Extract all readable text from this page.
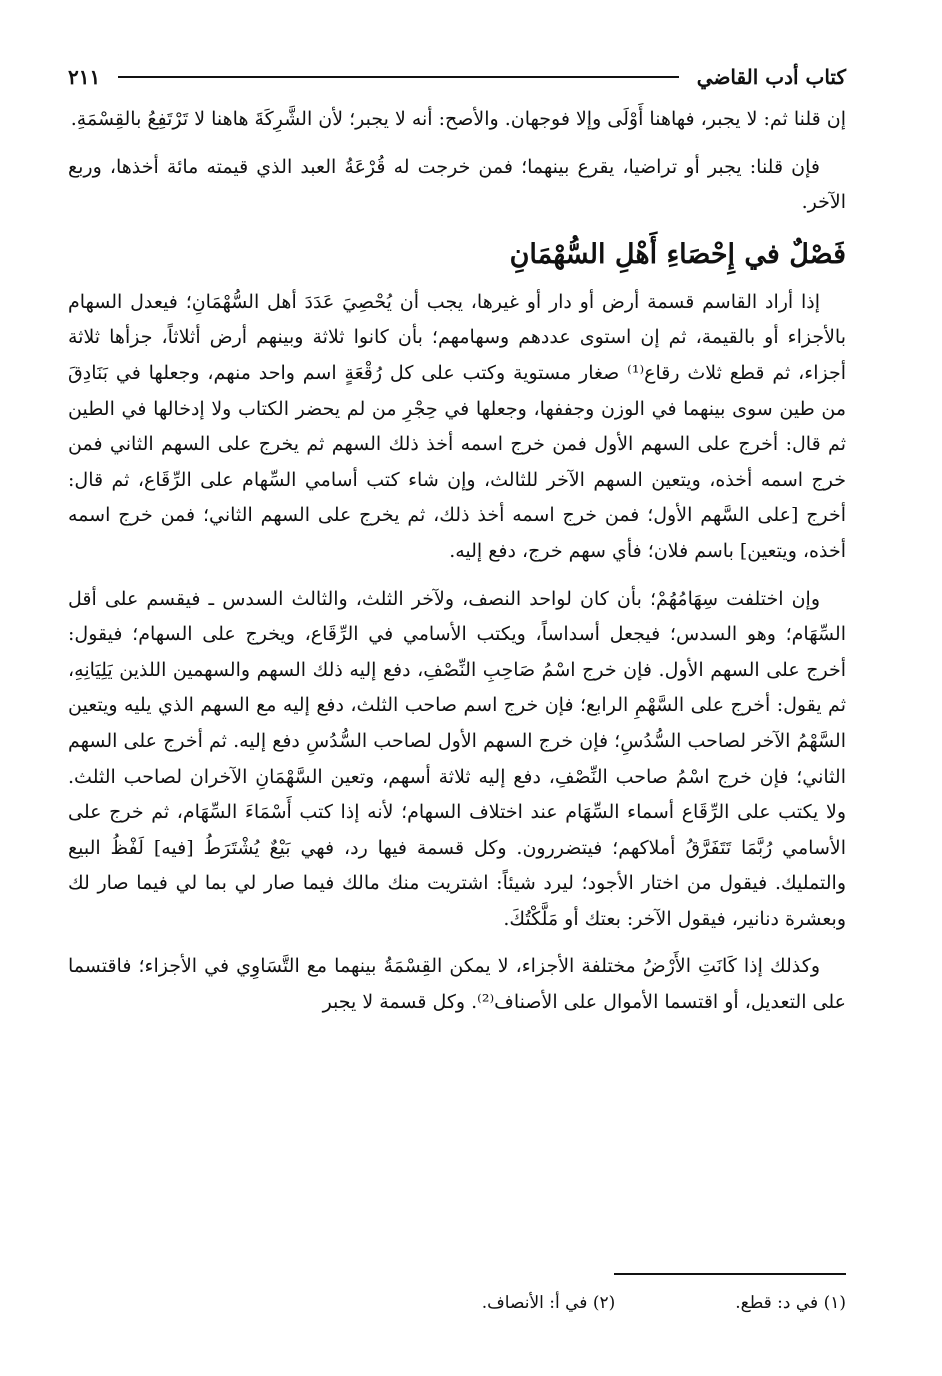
كتاب أدب القاضي
٢١١

إن قلنا ثم: لا يجبر، فهاهنا أَوْلَى وإلا فوجهان. والأصح: أنه لا يجبر؛ لأن الشَّرِكَةَ هاهنا لا تَرْتَفِعُ بالقِسْمَةِ.

فإن قلنا: يجبر أو تراضيا، يقرع بينهما؛ فمن خرجت له قُرْعَةُ العبد الذي قيمته مائة أخذها، وربع الآخر.

فَصْلٌ في إِحْصَاءِ أَهْلِ السُّهْمَانِ

إذا أراد القاسم قسمة أرض أو دار أو غيرها، يجب أن يُحْصِيَ عَدَدَ أهل السُّهْمَانِ؛ فيعدل السهام بالأجزاء أو بالقيمة، ثم إن استوى عددهم وسهامهم؛ بأن كانوا ثلاثة وبينهم أرض أثلاثاً، جزأها ثلاثة أجزاء، ثم قطع ثلاث رقاع⁽¹⁾ صغار مستوية وكتب على كل رُقْعَةٍ اسم واحد منهم، وجعلها في بَنَادِقَ من طين سوى بينهما في الوزن وجففها، وجعلها في حِجْرِ من لم يحضر الكتاب ولا إدخالها في الطين ثم قال: أخرج على السهم الأول فمن خرج اسمه أخذ ذلك السهم ثم يخرج على السهم الثاني فمن خرج اسمه أخذه، ويتعين السهم الآخر للثالث، وإن شاء كتب أسامي السِّهام على الرِّقَاع، ثم قال: أخرج [على السَّهم الأول؛ فمن خرج اسمه أخذ ذلك، ثم يخرج على السهم الثاني؛ فمن خرج اسمه أخذه، ويتعين] باسم فلان؛ فأي سهم خرج، دفع إليه.

وإن اختلفت سِهَامُهُمْ؛ بأن كان لواحد النصف، ولآخر الثلث، والثالث السدس ـ فيقسم على أقل السِّهَام؛ وهو السدس؛ فيجعل أسداساً، ويكتب الأسامي في الرِّقَاع، ويخرج على السهام؛ فيقول: أخرج على السهم الأول. فإن خرج اسْمُ صَاحِبِ النِّصْفِ، دفع إليه ذلك السهم والسهمين اللذين يَلِيَانِهِ، ثم يقول: أخرج على السَّهْمِ الرابع؛ فإن خرج اسم صاحب الثلث، دفع إليه مع السهم الذي يليه ويتعين السَّهْمُ الآخر لصاحب السُّدُسِ؛ فإن خرج السهم الأول لصاحب السُّدُسِ دفع إليه. ثم أخرج على السهم الثاني؛ فإن خرج اسْمُ صاحب النِّصْفِ، دفع إليه ثلاثة أسهم، وتعين السَّهْمَانِ الآخران لصاحب الثلث. ولا يكتب على الرِّقَاع أسماء السِّهَام عند اختلاف السهام؛ لأنه إذا كتب أَسْمَاءَ السِّهَام، ثم خرج على الأسامي رُبَّمَا تَتَفَرَّقُ أملاكهم؛ فيتضررون. وكل قسمة فيها رد، فهي بَيْعٌ يُشْتَرَطُ [فيه] لَفْظُ البيع والتمليك. فيقول من اختار الأجود؛ ليرد شيئاً: اشتريت منك مالك فيما صار لي بما لي فيما صار لك وبعشرة دنانير، فيقول الآخر: بعتك أو مَلَّكْتُكَ.

وكذلك إذا كَانَتِ الأَرْضُ مختلفة الأجزاء، لا يمكن القِسْمَةُ بينهما مع التَّسَاوِي في الأجزاء؛ فاقتسما على التعديل، أو اقتسما الأموال على الأصناف⁽²⁾. وكل قسمة لا يجبر

(١) في د: قطع.
(٢) في أ: الأنصاف.
